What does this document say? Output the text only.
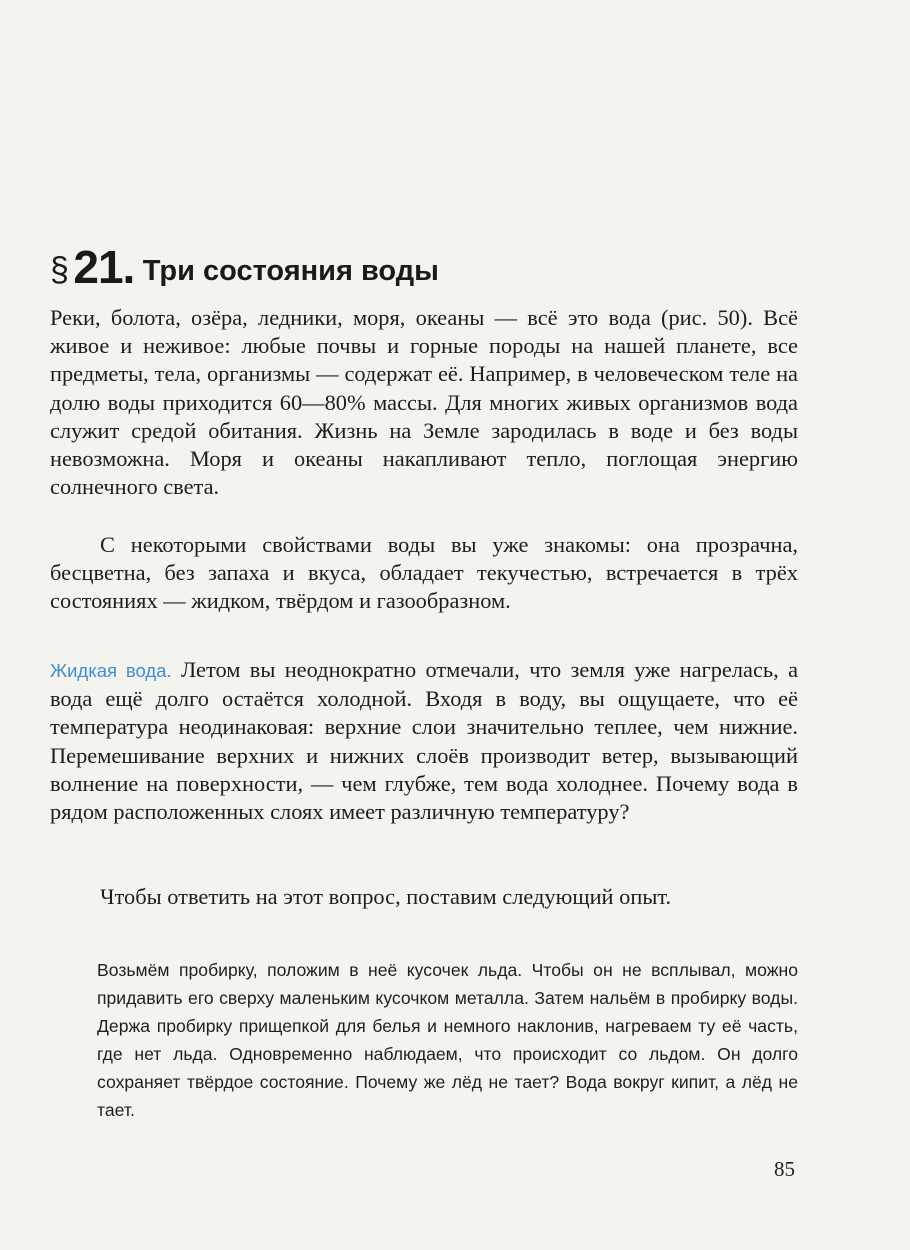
§ 21. Три состояния воды

Реки, болота, озёра, ледники, моря, океаны — всё это вода (рис. 50). Всё живое и неживое: любые почвы и горные породы на нашей планете, все предметы, тела, организмы — содержат её. Например, в человеческом теле на долю воды приходится 60—80% массы. Для многих живых организмов вода служит средой обитания. Жизнь на Земле зародилась в воде и без воды невозможна. Моря и океаны накапливают тепло, поглощая энергию солнечного света.

С некоторыми свойствами воды вы уже знакомы: она прозрачна, бесцветна, без запаха и вкуса, обладает текучестью, встречается в трёх состояниях — жидком, твёрдом и газообразном.

Жидкая вода. Летом вы неоднократно отмечали, что земля уже нагрелась, а вода ещё долго остаётся холодной. Входя в воду, вы ощущаете, что её температура неодинаковая: верхние слои значительно теплее, чем нижние. Перемешивание верхних и нижних слоёв производит ветер, вызывающий волнение на поверхности, — чем глубже, тем вода холоднее. Почему вода в рядом расположенных слоях имеет различную температуру?

Чтобы ответить на этот вопрос, поставим следующий опыт.

Возьмём пробирку, положим в неё кусочек льда. Чтобы он не всплывал, можно придавить его сверху маленьким кусочком металла. Затем нальём в пробирку воды. Держа пробирку прищепкой для белья и немного наклонив, нагреваем ту её часть, где нет льда. Одновременно наблюдаем, что происходит со льдом. Он долго сохраняет твёрдое состояние. Почему же лёд не тает? Вода вокруг кипит, а лёд не тает.

85
